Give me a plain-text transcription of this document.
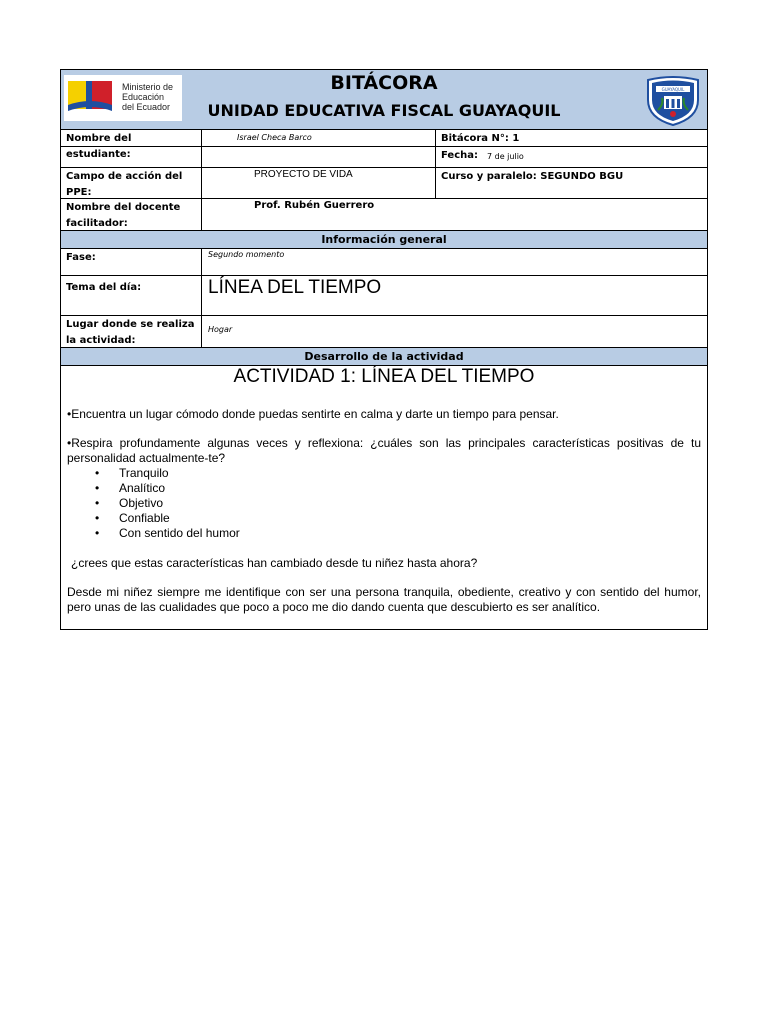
Ministerio de
Educación
del Ecuador
BITÁCORA
UNIDAD EDUCATIVA FISCAL GUAYAQUIL
GUAYAQUIL
Nombre del estudiante:
Israel Checa Barco	Bitácora N°: 1
Fecha: 7 de julio
Campo de acción del PPE:
PROYECTO DE VIDA	Curso y paralelo: SEGUNDO BGU
Nombre del docente facilitador:
Prof. Rubén Guerrero
Información general
Fase:	Segundo momento
Tema del día:	LÍNEA DEL TIEMPO
Lugar donde se realiza la actividad:
Hogar
Desarrollo de la actividad
ACTIVIDAD 1: LÍNEA DEL TIEMPO

•Encuentra un lugar cómodo donde puedas sentirte en calma y darte un tiempo para pensar.

•Respira profundamente algunas veces y reflexiona: ¿cuáles son las principales características positivas de tu personalidad actualmente-te?

• Tranquilo
• Analítico
• Objetivo
• Confiable
• Con sentido del humor

¿crees que estas características han cambiado desde tu niñez hasta ahora?

Desde mi niñez siempre me identifique con ser una persona tranquila, obediente, creativo y con sentido del humor, pero unas de las cualidades que poco a poco me dio dando cuenta que descubierto es ser analítico.
